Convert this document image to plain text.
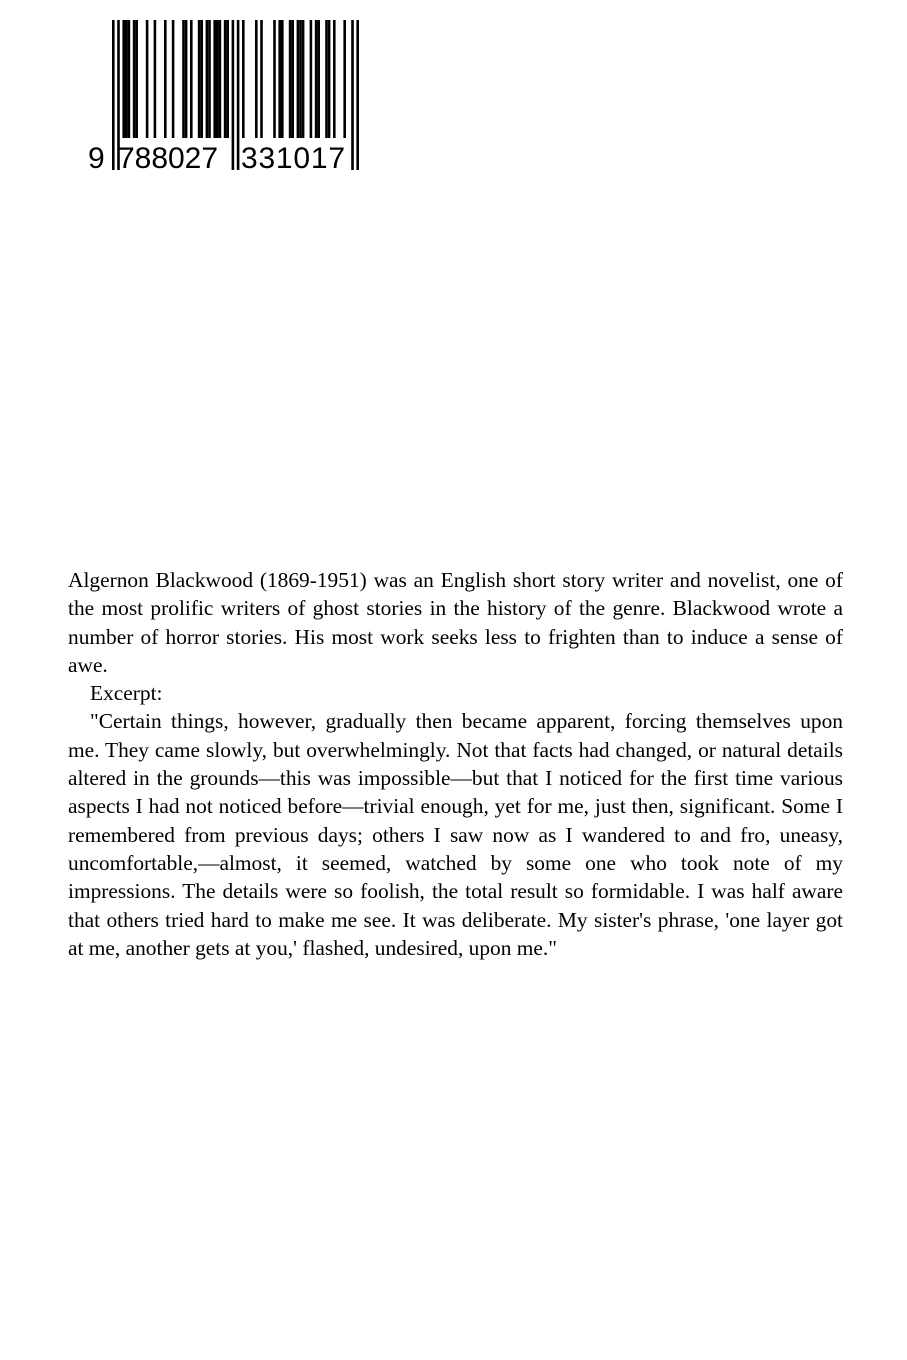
9 788027 331017

Algernon Blackwood (1869-1951) was an English short story writer and novelist, one of the most prolific writers of ghost stories in the history of the genre. Blackwood wrote a number of horror stories. His most work seeks less to frighten than to induce a sense of awe.

Excerpt:

"Certain things, however, gradually then became apparent, forcing themselves upon me. They came slowly, but overwhelmingly. Not that facts had changed, or natural details altered in the grounds—this was impossible—but that I noticed for the first time various aspects I had not noticed before—trivial enough, yet for me, just then, significant. Some I remembered from previous days; others I saw now as I wandered to and fro, uneasy, uncomfortable,—almost, it seemed, watched by some one who took note of my impressions. The details were so foolish, the total result so formidable. I was half aware that others tried hard to make me see. It was deliberate. My sister's phrase, 'one layer got at me, another gets at you,' flashed, undesired, upon me."
